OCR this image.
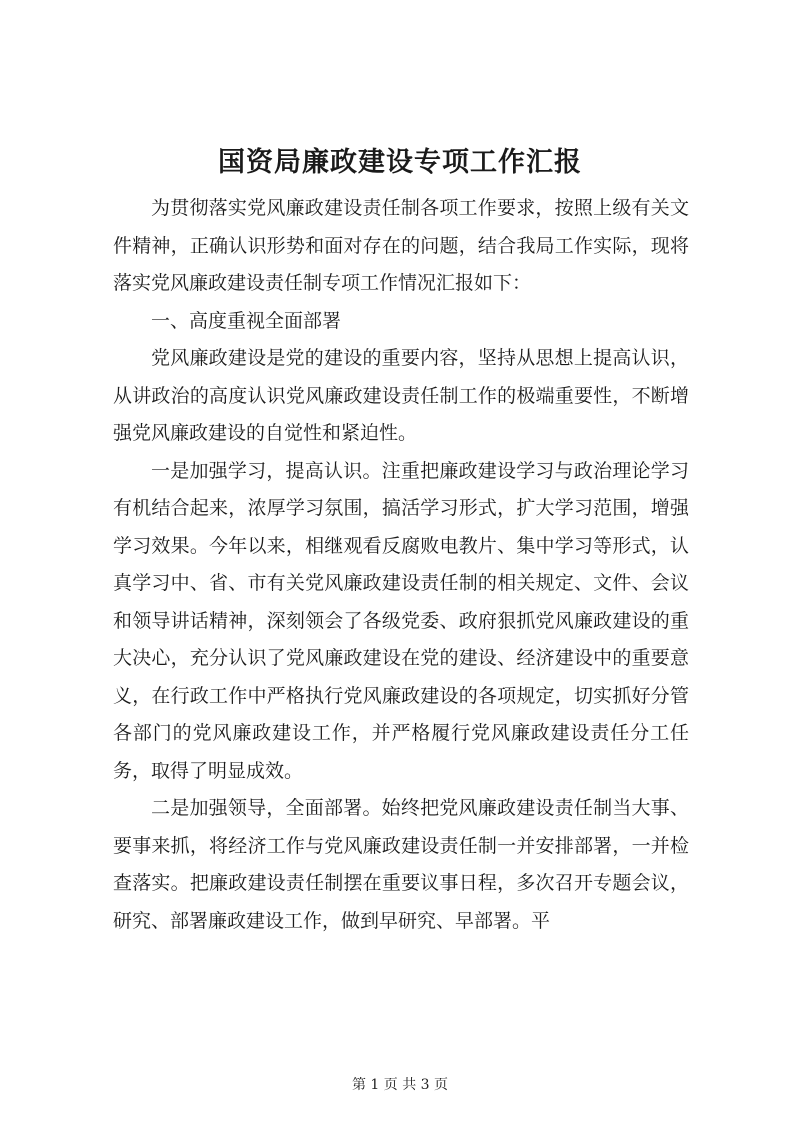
国资局廉政建设专项工作汇报

为贯彻落实党风廉政建设责任制各项工作要求，按照上级有关文件精神，正确认识形势和面对存在的问题，结合我局工作实际，现将落实党风廉政建设责任制专项工作情况汇报如下：

一、高度重视全面部署

党风廉政建设是党的建设的重要内容，坚持从思想上提高认识，从讲政治的高度认识党风廉政建设责任制工作的极端重要性，不断增强党风廉政建设的自觉性和紧迫性。

一是加强学习，提高认识。注重把廉政建设学习与政治理论学习有机结合起来，浓厚学习氛围，搞活学习形式，扩大学习范围，增强学习效果。今年以来，相继观看反腐败电教片、集中学习等形式，认真学习中、省、市有关党风廉政建设责任制的相关规定、文件、会议和领导讲话精神，深刻领会了各级党委、政府狠抓党风廉政建设的重大决心，充分认识了党风廉政建设在党的建设、经济建设中的重要意义，在行政工作中严格执行党风廉政建设的各项规定，切实抓好分管各部门的党风廉政建设工作，并严格履行党风廉政建设责任分工任务，取得了明显成效。

二是加强领导，全面部署。始终把党风廉政建设责任制当大事、要事来抓，将经济工作与党风廉政建设责任制一并安排部署，一并检查落实。把廉政建设责任制摆在重要议事日程，多次召开专题会议，研究、部署廉政建设工作，做到早研究、早部署。平

第 1 页 共 3 页
